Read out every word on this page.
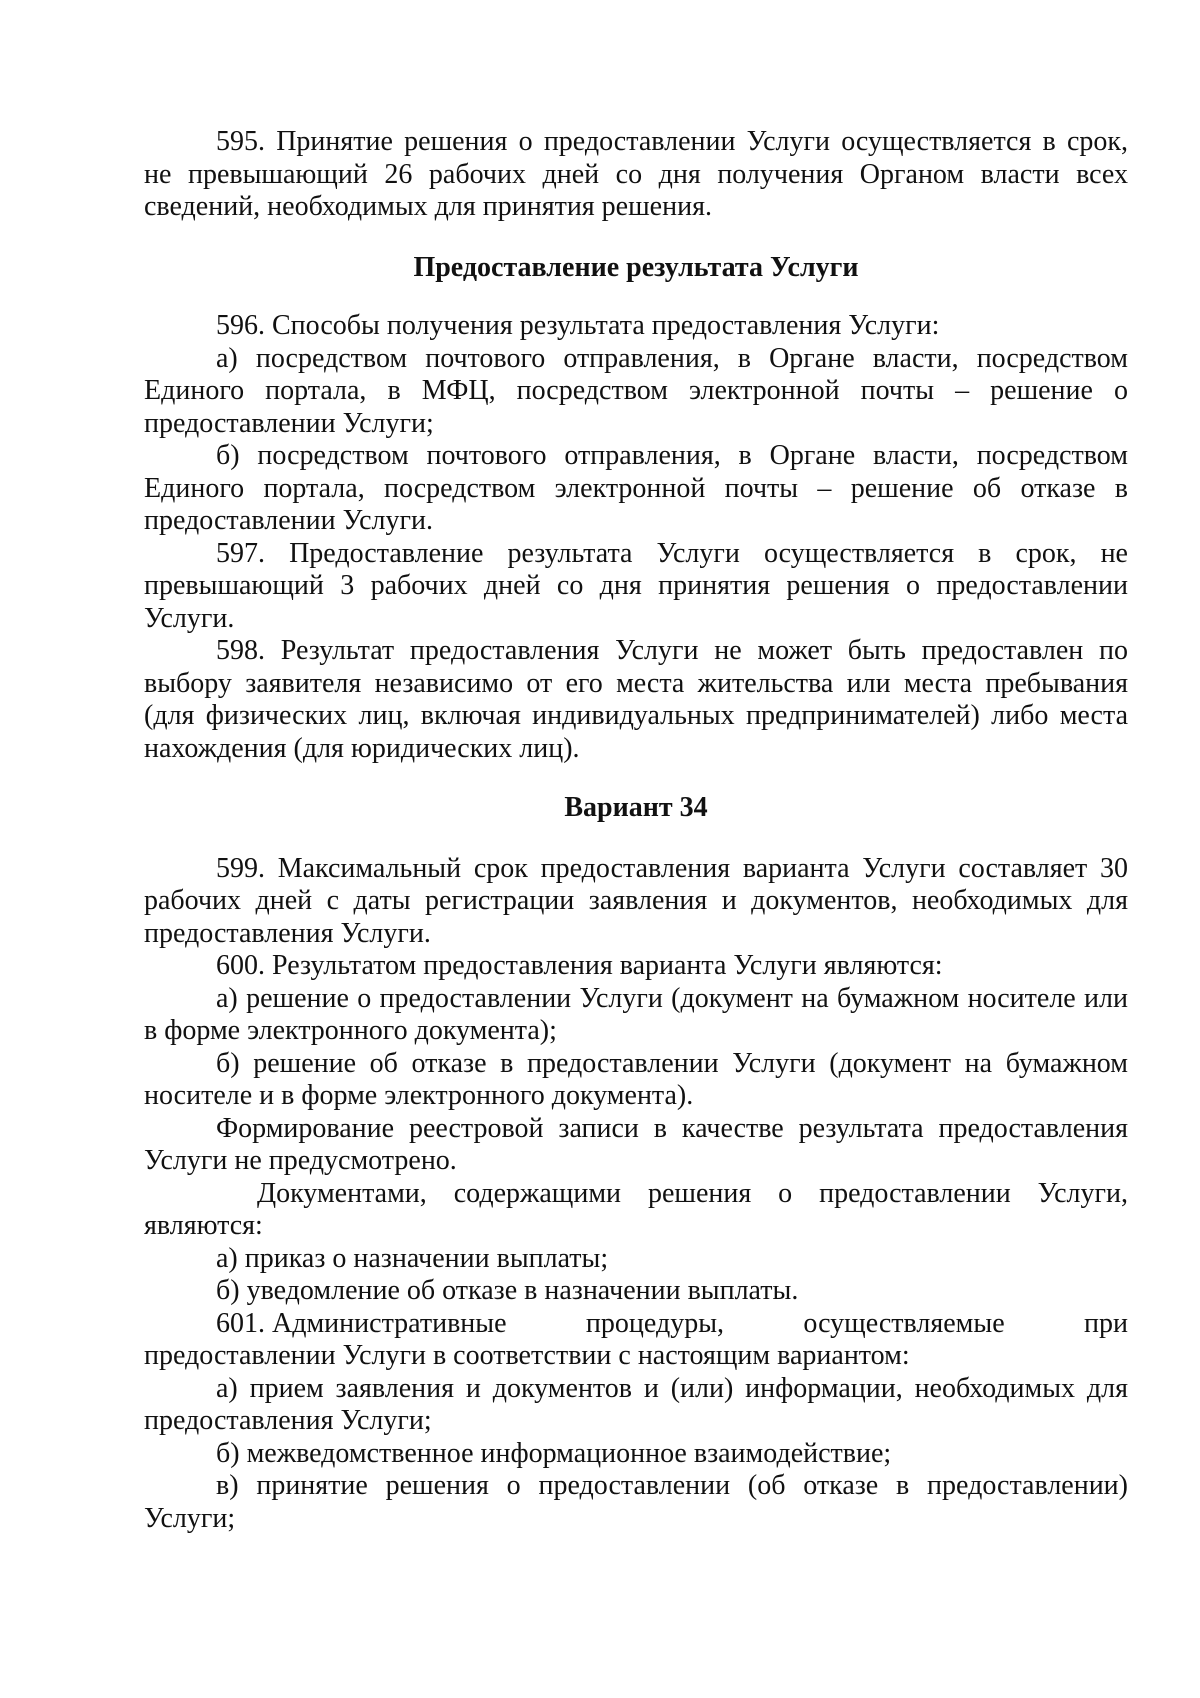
595. Принятие решения о предоставлении Услуги осуществляется в срок, не превышающий 26 рабочих дней со дня получения Органом власти всех сведений, необходимых для принятия решения.

Предоставление результата Услуги

596. Способы получения результата предоставления Услуги:

а) посредством почтового отправления, в Органе власти, посредством Единого портала, в МФЦ, посредством электронной почты – решение о предоставлении Услуги;

б) посредством почтового отправления, в Органе власти, посредством Единого портала, посредством электронной почты – решение об отказе в предоставлении Услуги.

597. Предоставление результата Услуги осуществляется в срок, не превышающий 3 рабочих дней со дня принятия решения о предоставлении Услуги.

598. Результат предоставления Услуги не может быть предоставлен по выбору заявителя независимо от его места жительства или места пребывания (для физических лиц, включая индивидуальных предпринимателей) либо места нахождения (для юридических лиц).

Вариант 34

599. Максимальный срок предоставления варианта Услуги составляет 30 рабочих дней с даты регистрации заявления и документов, необходимых для предоставления Услуги.

600. Результатом предоставления варианта Услуги являются:

а) решение о предоставлении Услуги (документ на бумажном носителе или в форме электронного документа);

б) решение об отказе в предоставлении Услуги (документ на бумажном носителе и в форме электронного документа).

Формирование реестровой записи в качестве результата предоставления Услуги не предусмотрено.

Документами, содержащими решения о предоставлении Услуги, являются:

а) приказ о назначении выплаты;

б) уведомление об отказе в назначении выплаты.

601. Административные	процедуры,	осуществляемые	при

предоставлении Услуги в соответствии с настоящим вариантом:

а) прием заявления и документов и (или) информации, необходимых для предоставления Услуги;

б) межведомственное информационное взаимодействие;

в) принятие решения о предоставлении (об отказе в предоставлении) Услуги;
